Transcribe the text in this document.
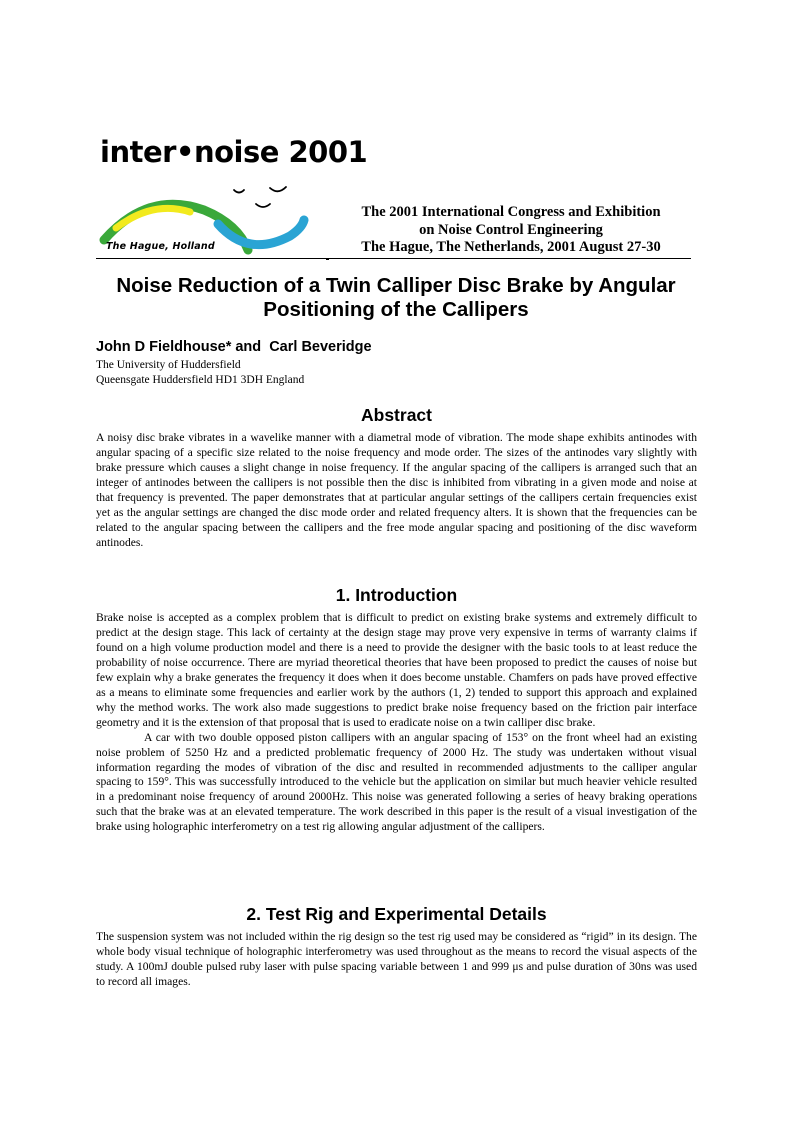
inter•noise 2001
The Hague, Holland
The 2001 International Congress and Exhibition
on Noise Control Engineering
The Hague, The Netherlands, 2001 August 27-30
Noise Reduction of a Twin Calliper Disc Brake by Angular Positioning of the Callipers
John D Fieldhouse* and  Carl Beveridge
The University of Huddersfield
Queensgate Huddersfield HD1 3DH England
Abstract

A noisy disc brake vibrates in a wavelike manner with a diametral mode of vibration. The mode shape exhibits antinodes with angular spacing of a specific size related to the noise frequency and mode order. The sizes of the antinodes vary slightly with brake pressure which causes a slight change in noise frequency. If the angular spacing of the callipers is arranged such that an integer of antinodes between the callipers is not possible then the disc is inhibited from vibrating in a given mode and noise at that frequency is prevented. The paper demonstrates that at particular angular settings of the callipers certain frequencies exist yet as the angular settings are changed the disc mode order and related frequency alters. It is shown that the frequencies can be related to the angular spacing between the callipers and the free mode angular spacing and positioning of the disc waveform antinodes.

1. Introduction

Brake noise is accepted as a complex problem that is difficult to predict on existing brake systems and extremely difficult to predict at the design stage. This lack of certainty at the design stage may prove very expensive in terms of warranty claims if found on a high volume production model and there is a need to provide the designer with the basic tools to at least reduce the probability of noise occurrence. There are myriad theoretical theories that have been proposed to predict the causes of noise but few explain why a brake generates the frequency it does when it does become unstable. Chamfers on pads have proved effective as a means to eliminate some frequencies and earlier work by the authors (1, 2) tended to support this approach and explained why the method works. The work also made suggestions to predict brake noise frequency based on the friction pair interface geometry and it is the extension of that proposal that is used to eradicate noise on a twin calliper disc brake.

A car with two double opposed piston callipers with an angular spacing of 153° on the front wheel had an existing noise problem of 5250 Hz and a predicted problematic frequency of 2000 Hz. The study was undertaken without visual information regarding the modes of vibration of the disc and resulted in recommended adjustments to the calliper angular spacing to 159°. This was successfully introduced to the vehicle but the application on similar but much heavier vehicle resulted in a predominant noise frequency of around 2000Hz. This noise was generated following a series of heavy braking operations such that the brake was at an elevated temperature. The work described in this paper is the result of a visual investigation of the brake using holographic interferometry on a test rig allowing angular adjustment of the callipers.

2. Test Rig and Experimental Details

The suspension system was not included within the rig design so the test rig used may be considered as “rigid” in its design. The whole body visual technique of holographic interferometry was used throughout as the means to record the visual aspects of the study. A 100mJ double pulsed ruby laser with pulse spacing variable between 1 and 999 μs and pulse duration of 30ns was used to record all images.
